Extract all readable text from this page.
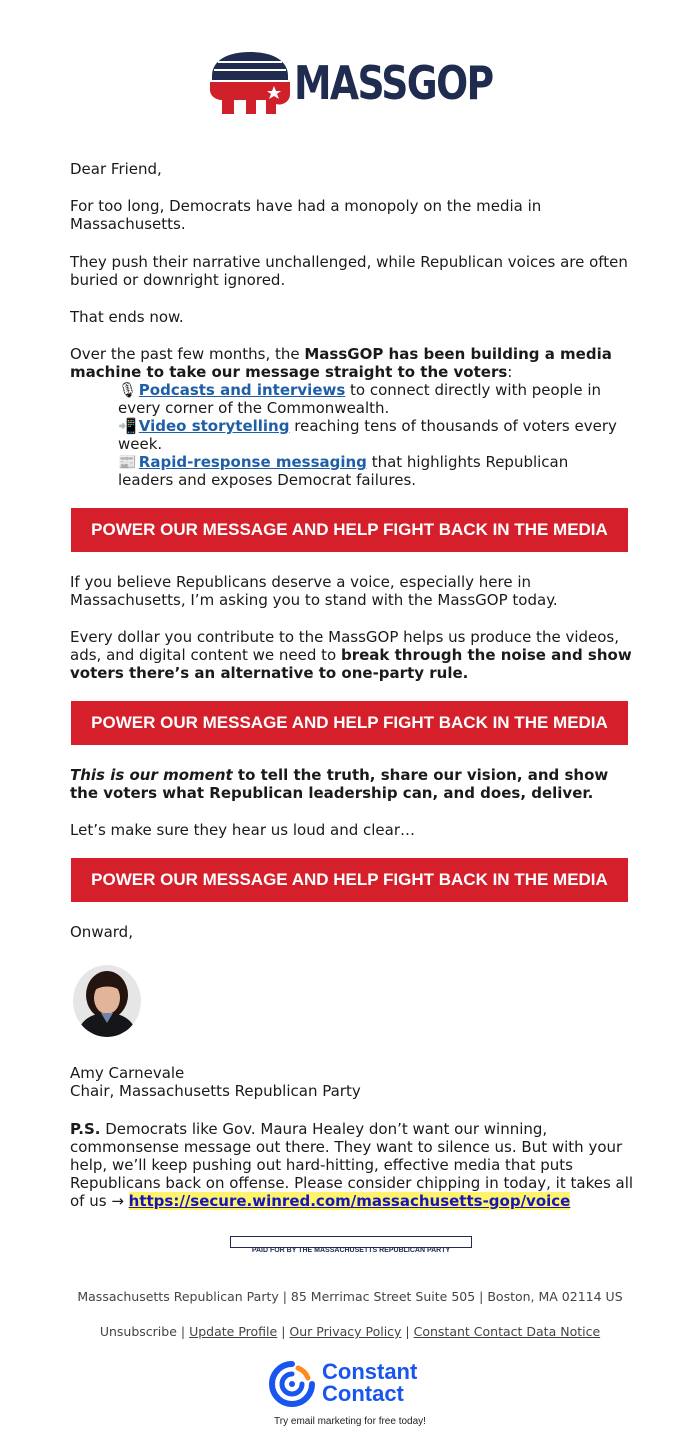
MASSGOP
Dear Friend,
For too long, Democrats have had a monopoly on the media in Massachusetts.
They push their narrative unchallenged, while Republican voices are often buried or downright ignored.
That ends now.
Over the past few months, the MassGOP has been building a media machine to take our message straight to the voters:
🎙 Podcasts and interviews to connect directly with people in every corner of the Commonwealth.
📲 Video storytelling reaching tens of thousands of voters every week.
📰 Rapid-response messaging that highlights Republican leaders and exposes Democrat failures.
POWER OUR MESSAGE AND HELP FIGHT BACK IN THE MEDIA
If you believe Republicans deserve a voice, especially here in Massachusetts, I’m asking you to stand with the MassGOP today.
Every dollar you contribute to the MassGOP helps us produce the videos, ads, and digital content we need to break through the noise and show voters there’s an alternative to one-party rule.
POWER OUR MESSAGE AND HELP FIGHT BACK IN THE MEDIA
This is our moment to tell the truth, share our vision, and show the voters what Republican leadership can, and does, deliver.
Let’s make sure they hear us loud and clear…
POWER OUR MESSAGE AND HELP FIGHT BACK IN THE MEDIA
Onward,
Amy Carnevale
Chair, Massachusetts Republican Party
P.S. Democrats like Gov. Maura Healey don’t want our winning, commonsense message out there. They want to silence us. But with your help, we’ll keep pushing out hard-hitting, effective media that puts Republicans back on offense. Please consider chipping in today, it takes all of us → https://secure.winred.com/massachusetts-gop/voice
PAID FOR BY THE MASSACHUSETTS REPUBLICAN PARTY
Massachusetts Republican Party | 85 Merrimac Street Suite 505 | Boston, MA 02114 US
Unsubscribe | Update Profile | Our Privacy Policy | Constant Contact Data Notice
Constant
Contact
Try email marketing for free today!
